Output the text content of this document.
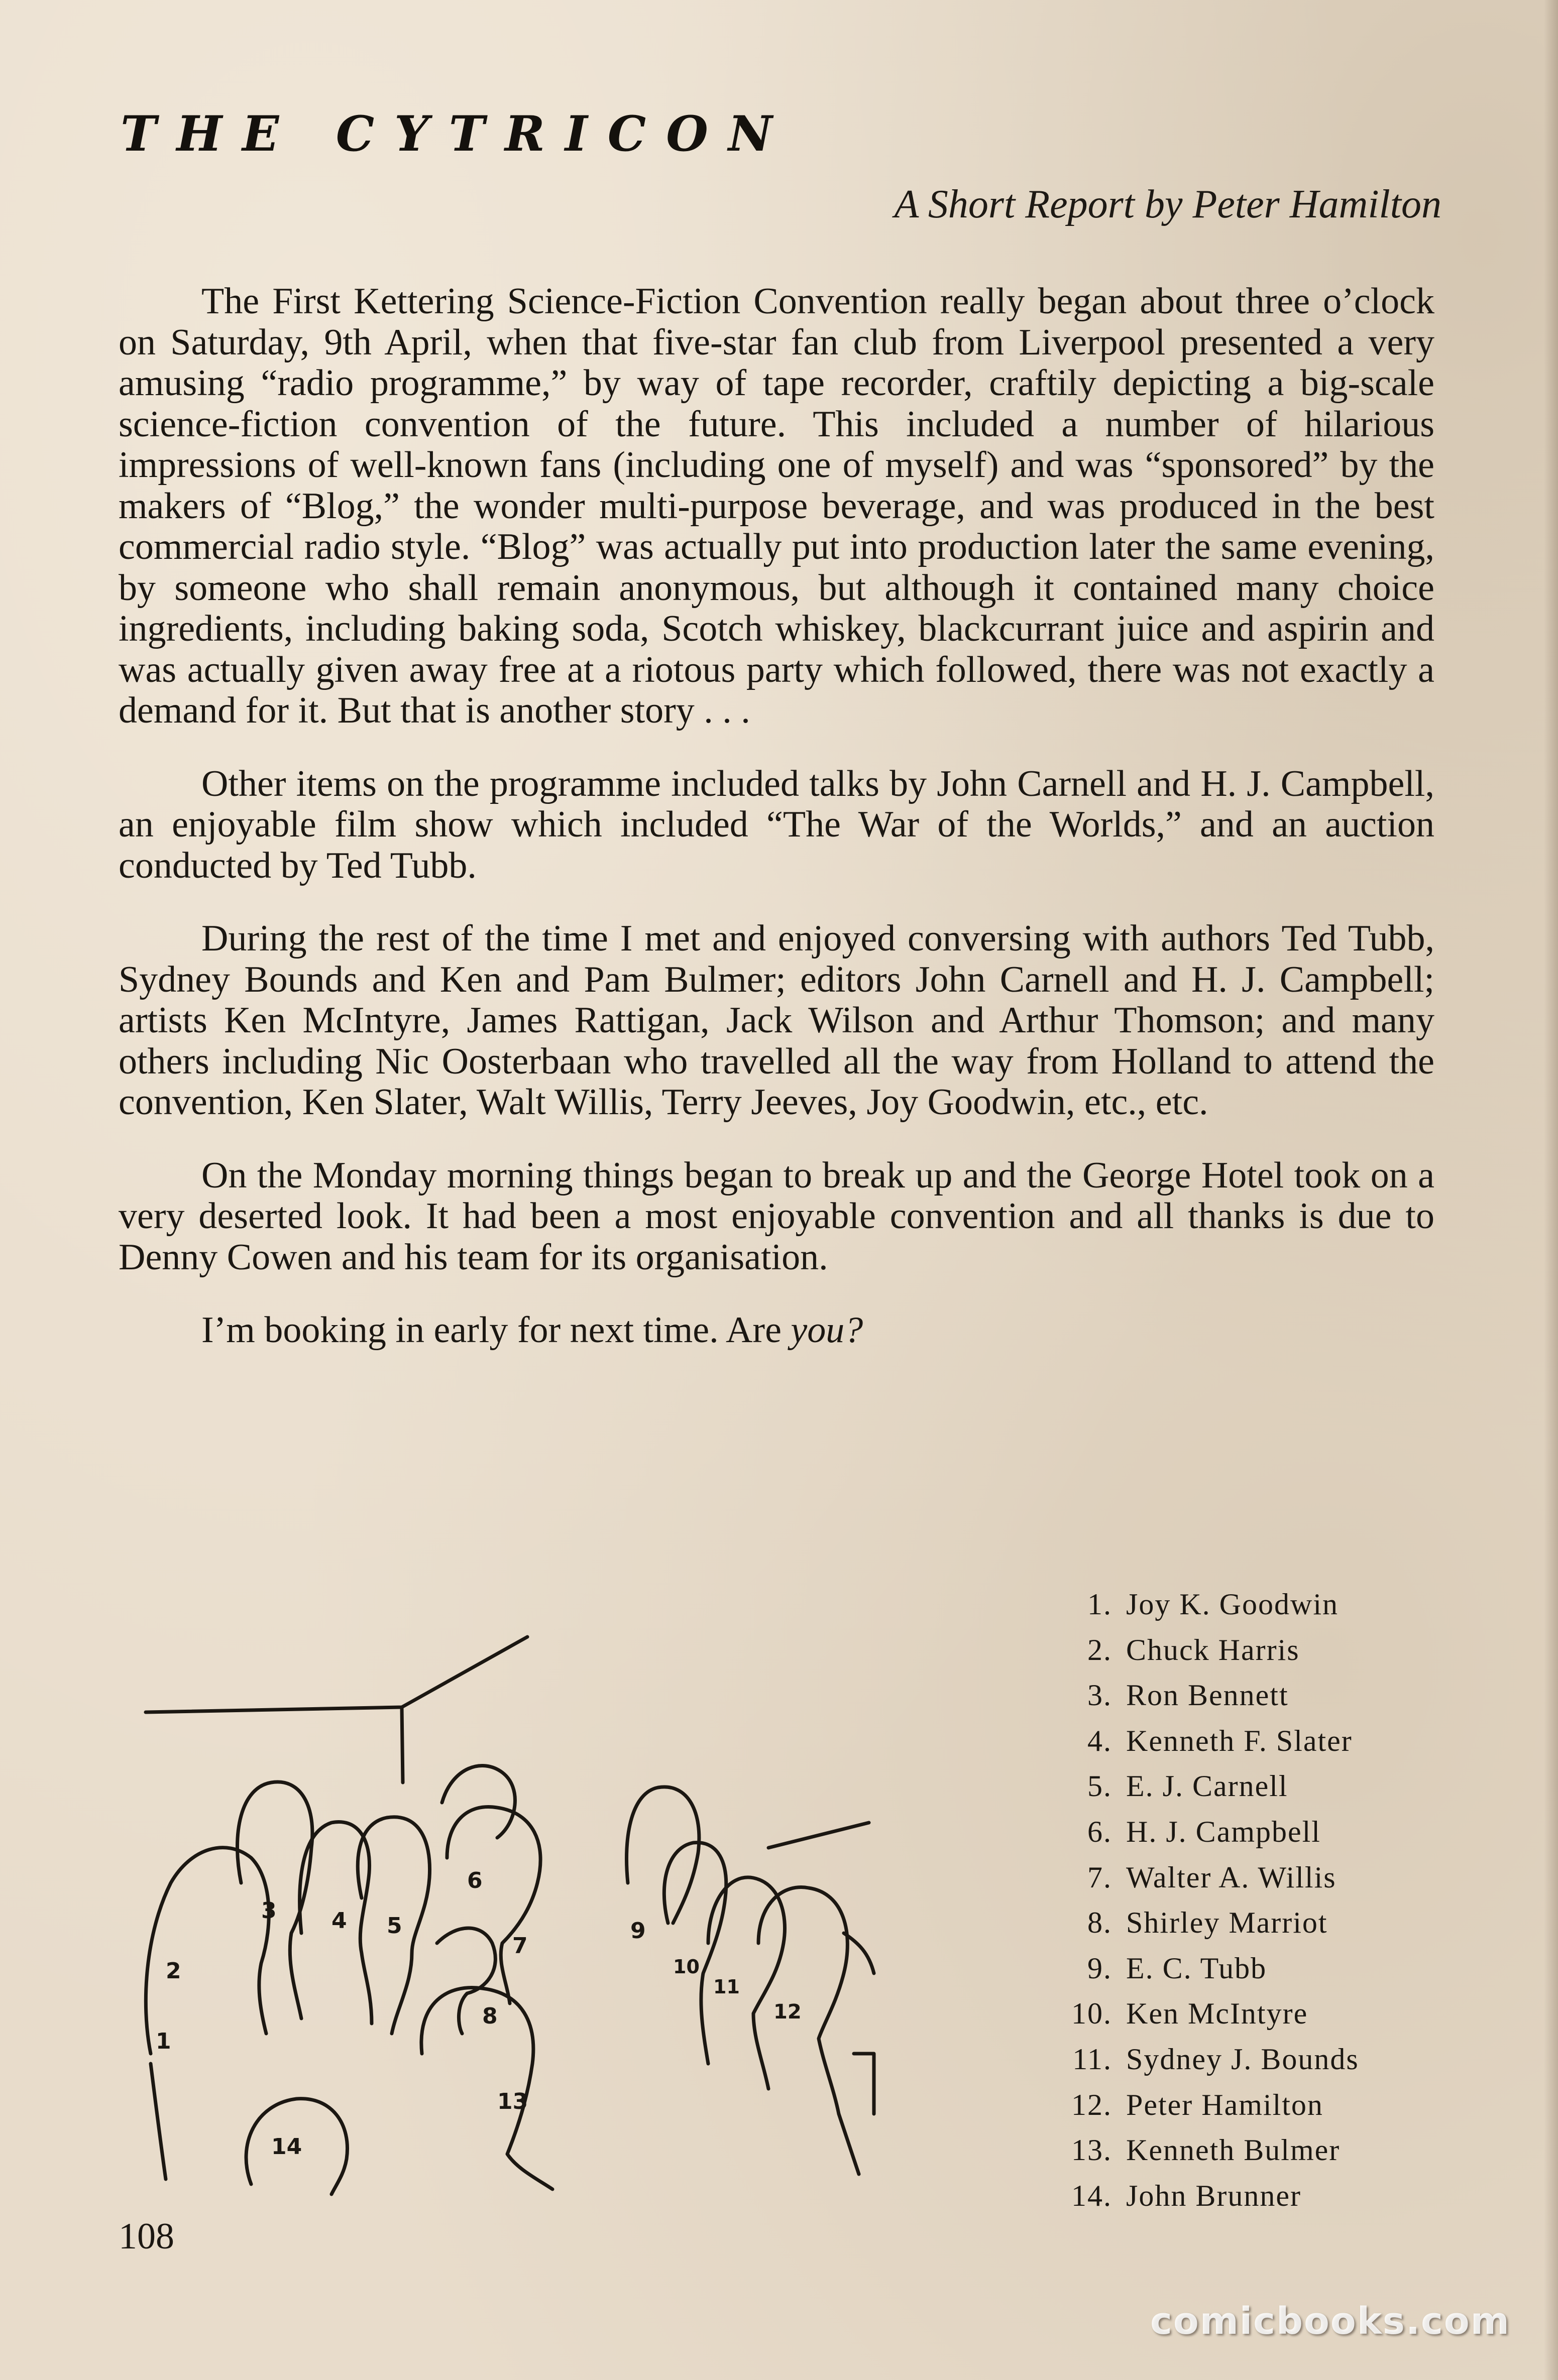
THE CYTRICON
A Short Report by Peter Hamilton

The First Kettering Science-Fiction Convention really began about three o’clock on Saturday, 9th April, when that five-star fan club from Liverpool presented a very amusing “radio programme,” by way of tape recorder, craftily depicting a big-scale science-fiction convention of the future. This included a number of hilarious impressions of well-known fans (including one of myself) and was “sponsored” by the makers of “Blog,” the wonder multi-purpose beverage, and was produced in the best commercial radio style. “Blog” was actually put into production later the same evening, by someone who shall remain anonymous, but although it contained many choice ingredients, including baking soda, Scotch whiskey, blackcurrant juice and aspirin and was actually given away free at a riotous party which followed, there was not exactly a demand for it. But that is another story . . .

Other items on the programme included talks by John Carnell and H. J. Campbell, an enjoyable film show which included “The War of the Worlds,” and an auction conducted by Ted Tubb.

During the rest of the time I met and enjoyed conversing with authors Ted Tubb, Sydney Bounds and Ken and Pam Bulmer; editors John Carnell and H. J. Campbell; artists Ken McIntyre, James Rattigan, Jack Wilson and Arthur Thomson; and many others including Nic Oosterbaan who travelled all the way from Holland to attend the convention, Ken Slater, Walt Willis, Terry Jeeves, Joy Goodwin, etc., etc.

On the Monday morning things began to break up and the George Hotel took on a very deserted look. It had been a most enjoyable convention and all thanks is due to Denny Cowen and his team for its organisation.

I’m booking in early for next time. Are you?

1
2
3 4 5
6
7
8
9
10
11
12
13
14
1. Joy K. Goodwin
2. Chuck Harris
3. Ron Bennett
4. Kenneth F. Slater
5. E. J. Carnell
6. H. J. Campbell
7. Walter A. Willis
8. Shirley Marriot
9. E. C. Tubb
10. Ken McIntyre
11. Sydney J. Bounds
12. Peter Hamilton
13. Kenneth Bulmer
14. John Brunner
108
comicbooks.com
